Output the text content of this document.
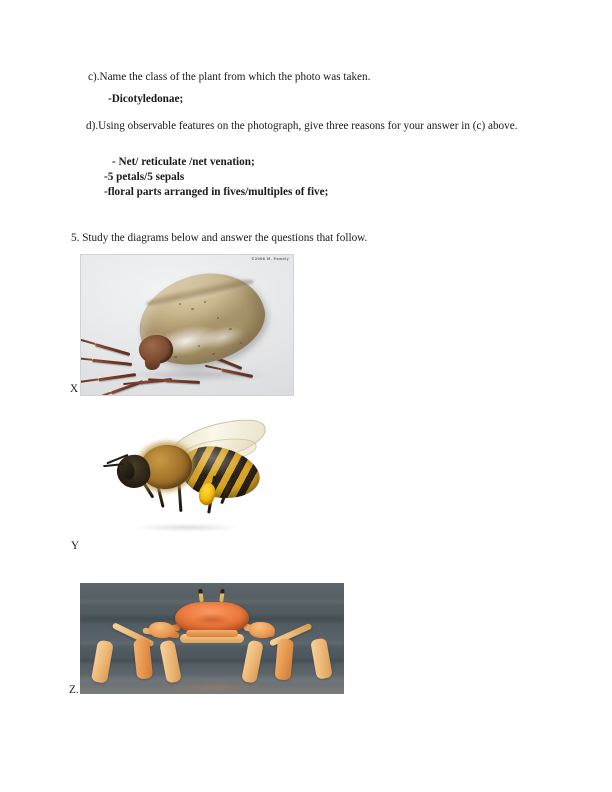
c).Name the class of the plant from which the photo was taken.
-Dicotyledonae;
d).Using observable features on the photograph, give three reasons for your answer in (c) above.
- Net/ reticulate /net venation;
-5 petals/5 sepals
-floral parts arranged in fives/multiples of five;
5. Study the diagrams below and answer the questions that follow.
©2008 M. Powely
X
Y
Z.
